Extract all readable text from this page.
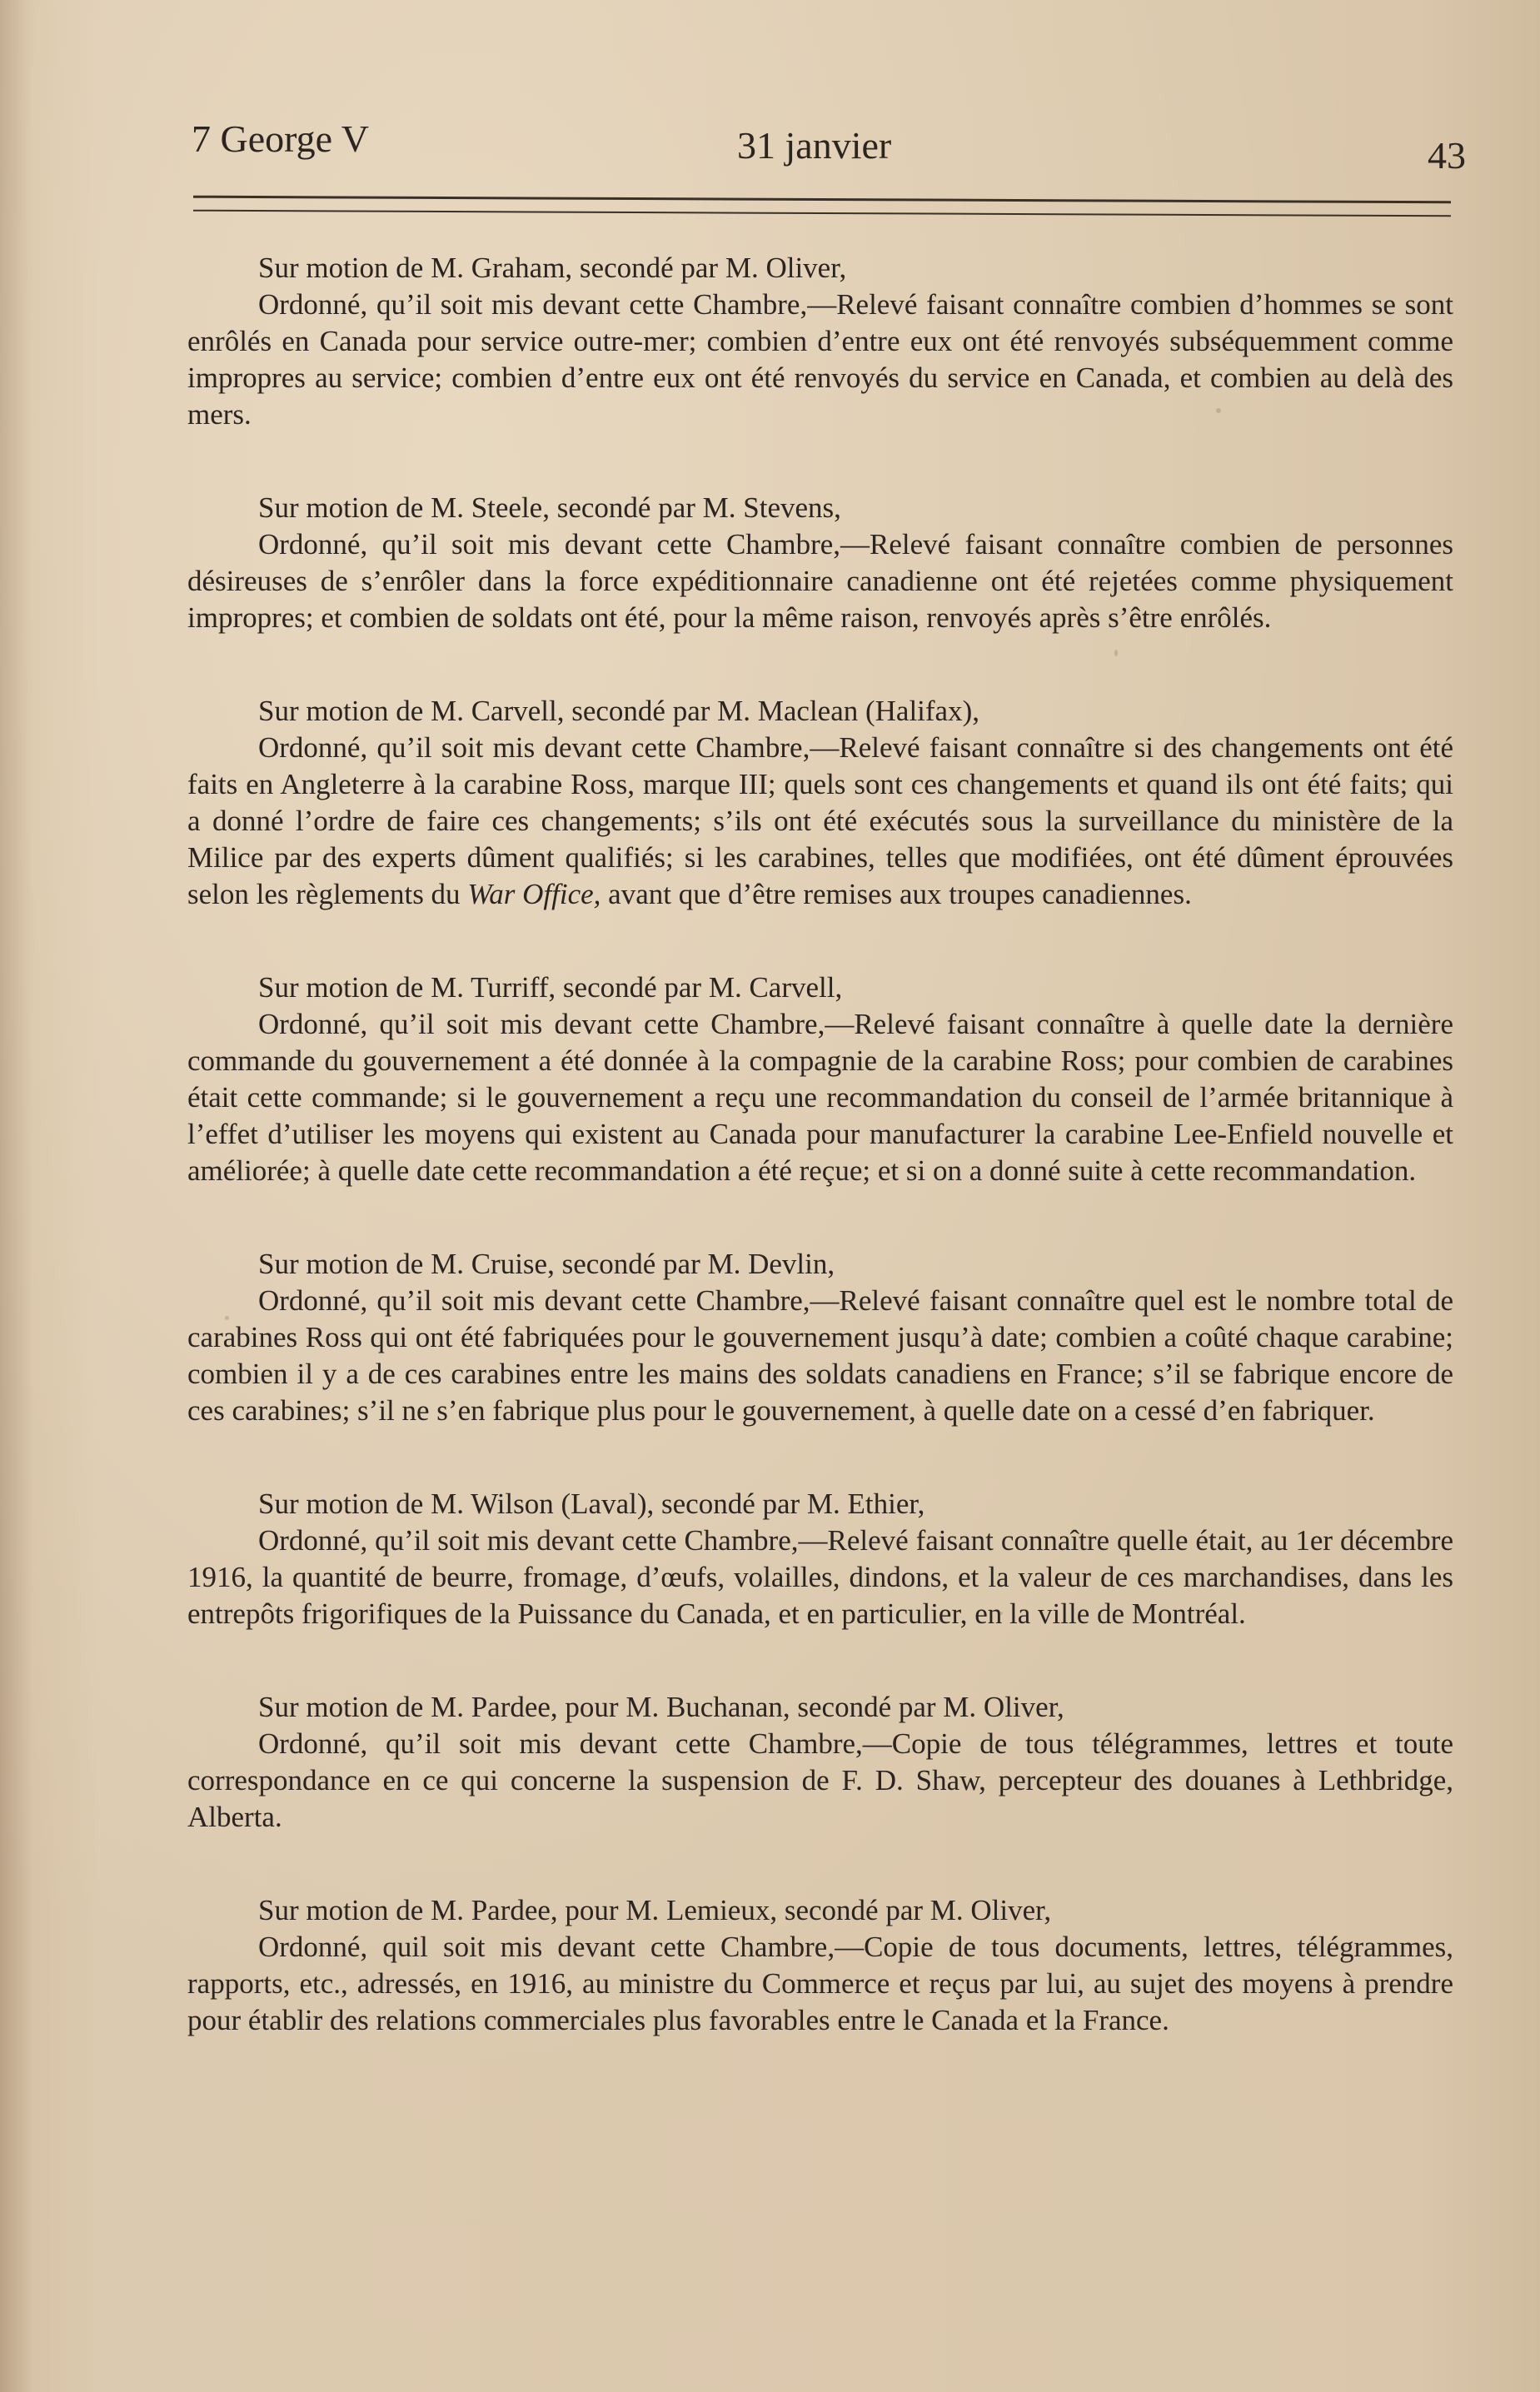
7 George V	31 janvier	43

Sur motion de M. Graham, secondé par M. Oliver,

Ordonné, qu’il soit mis devant cette Chambre,—Relevé faisant connaître combien d’hommes se sont enrôlés en Canada pour service outre-mer; combien d’entre eux ont été renvoyés subséquemment comme impropres au service; combien d’entre eux ont été renvoyés du service en Canada, et combien au delà des mers.

Sur motion de M. Steele, secondé par M. Stevens,

Ordonné, qu’il soit mis devant cette Chambre,—Relevé faisant connaître combien de personnes désireuses de s’enrôler dans la force expéditionnaire canadienne ont été rejetées comme physiquement impropres; et combien de soldats ont été, pour la même raison, renvoyés après s’être enrôlés.

Sur motion de M. Carvell, secondé par M. Maclean (Halifax),

Ordonné, qu’il soit mis devant cette Chambre,—Relevé faisant connaître si des changements ont été faits en Angleterre à la carabine Ross, marque III; quels sont ces changements et quand ils ont été faits; qui a donné l’ordre de faire ces changements; s’ils ont été exécutés sous la surveillance du ministère de la Milice par des experts dûment qualifiés; si les carabines, telles que modifiées, ont été dûment éprouvées selon les règlements du War Office, avant que d’être remises aux troupes canadiennes.

Sur motion de M. Turriff, secondé par M. Carvell,

Ordonné, qu’il soit mis devant cette Chambre,—Relevé faisant connaître à quelle date la dernière commande du gouvernement a été donnée à la compagnie de la carabine Ross; pour combien de carabines était cette commande; si le gouvernement a reçu une recommandation du conseil de l’armée britannique à l’effet d’utiliser les moyens qui existent au Canada pour manufacturer la carabine Lee-Enfield nouvelle et améliorée; à quelle date cette recommandation a été reçue; et si on a donné suite à cette recommandation.

Sur motion de M. Cruise, secondé par M. Devlin,

Ordonné, qu’il soit mis devant cette Chambre,—Relevé faisant connaître quel est le nombre total de carabines Ross qui ont été fabriquées pour le gouvernement jusqu’à date; combien a coûté chaque carabine; combien il y a de ces carabines entre les mains des soldats canadiens en France; s’il se fabrique encore de ces carabines; s’il ne s’en fabrique plus pour le gouvernement, à quelle date on a cessé d’en fabriquer.

Sur motion de M. Wilson (Laval), secondé par M. Ethier,

Ordonné, qu’il soit mis devant cette Chambre,—Relevé faisant connaître quelle était, au 1er décembre 1916, la quantité de beurre, fromage, d’œufs, volailles, dindons, et la valeur de ces marchandises, dans les entrepôts frigorifiques de la Puissance du Canada, et en particulier, en la ville de Montréal.

Sur motion de M. Pardee, pour M. Buchanan, secondé par M. Oliver,

Ordonné, qu’il soit mis devant cette Chambre,—Copie de tous télégrammes, lettres et toute correspondance en ce qui concerne la suspension de F. D. Shaw, percepteur des douanes à Lethbridge, Alberta.

Sur motion de M. Pardee, pour M. Lemieux, secondé par M. Oliver,

Ordonné, quil soit mis devant cette Chambre,—Copie de tous documents, lettres, télégrammes, rapports, etc., adressés, en 1916, au ministre du Commerce et reçus par lui, au sujet des moyens à prendre pour établir des relations commerciales plus favorables entre le Canada et la France.
